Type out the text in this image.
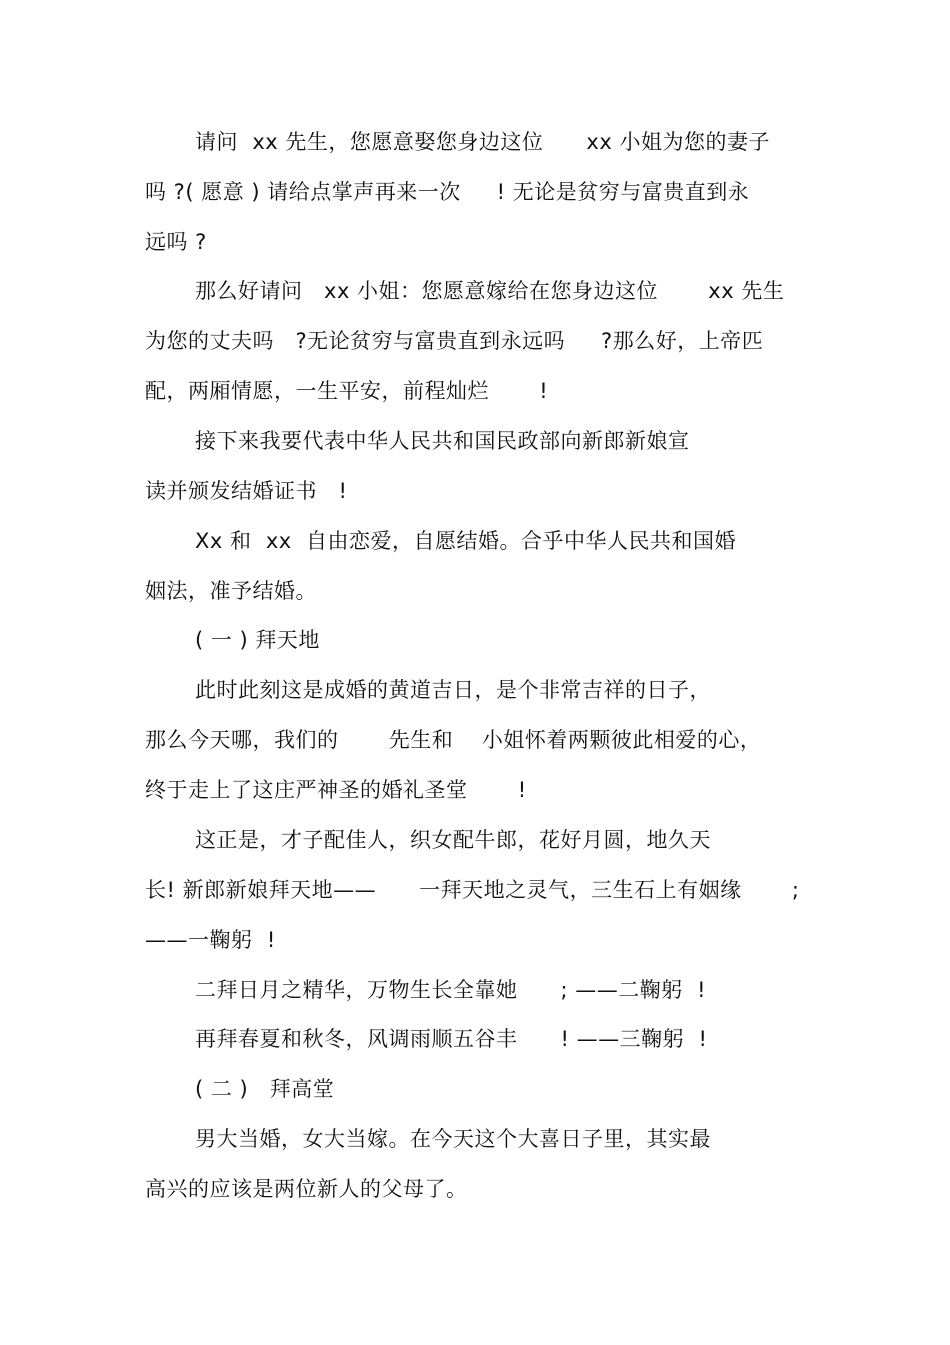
请问  xx 先生，您愿意娶您身边这位      xx 小姐为您的妻子
吗 ?( 愿意 ) 请给点掌声再来一次     ! 无论是贫穷与富贵直到永
远吗 ?
那么好请问   xx 小姐：您愿意嫁给在您身边这位       xx 先生
为您的丈夫吗   ?无论贫穷与富贵直到永远吗     ?那么好，上帝匹
配，两厢情愿，一生平安，前程灿烂       !
接下来我要代表中华人民共和国民政部向新郎新娘宣
读并颁发结婚证书   !
Xx 和  xx  自由恋爱，自愿结婚。合乎中华人民共和国婚
姻法，准予结婚。
( 一 ) 拜天地
此时此刻这是成婚的黄道吉日，是个非常吉祥的日子，
那么今天哪，我们的       先生和    小姐怀着两颗彼此相爱的心，
终于走上了这庄严神圣的婚礼圣堂       !
这正是，才子配佳人，织女配牛郎，花好月圆，地久天
长! 新郎新娘拜天地——      一拜天地之灵气，三生石上有姻缘       ;
——一鞠躬  !
二拜日月之精华，万物生长全靠她      ; ——二鞠躬  !
再拜春夏和秋冬，风调雨顺五谷丰      ! ——三鞠躬  !
( 二 )   拜高堂
男大当婚，女大当嫁。在今天这个大喜日子里，其实最
高兴的应该是两位新人的父母了。
